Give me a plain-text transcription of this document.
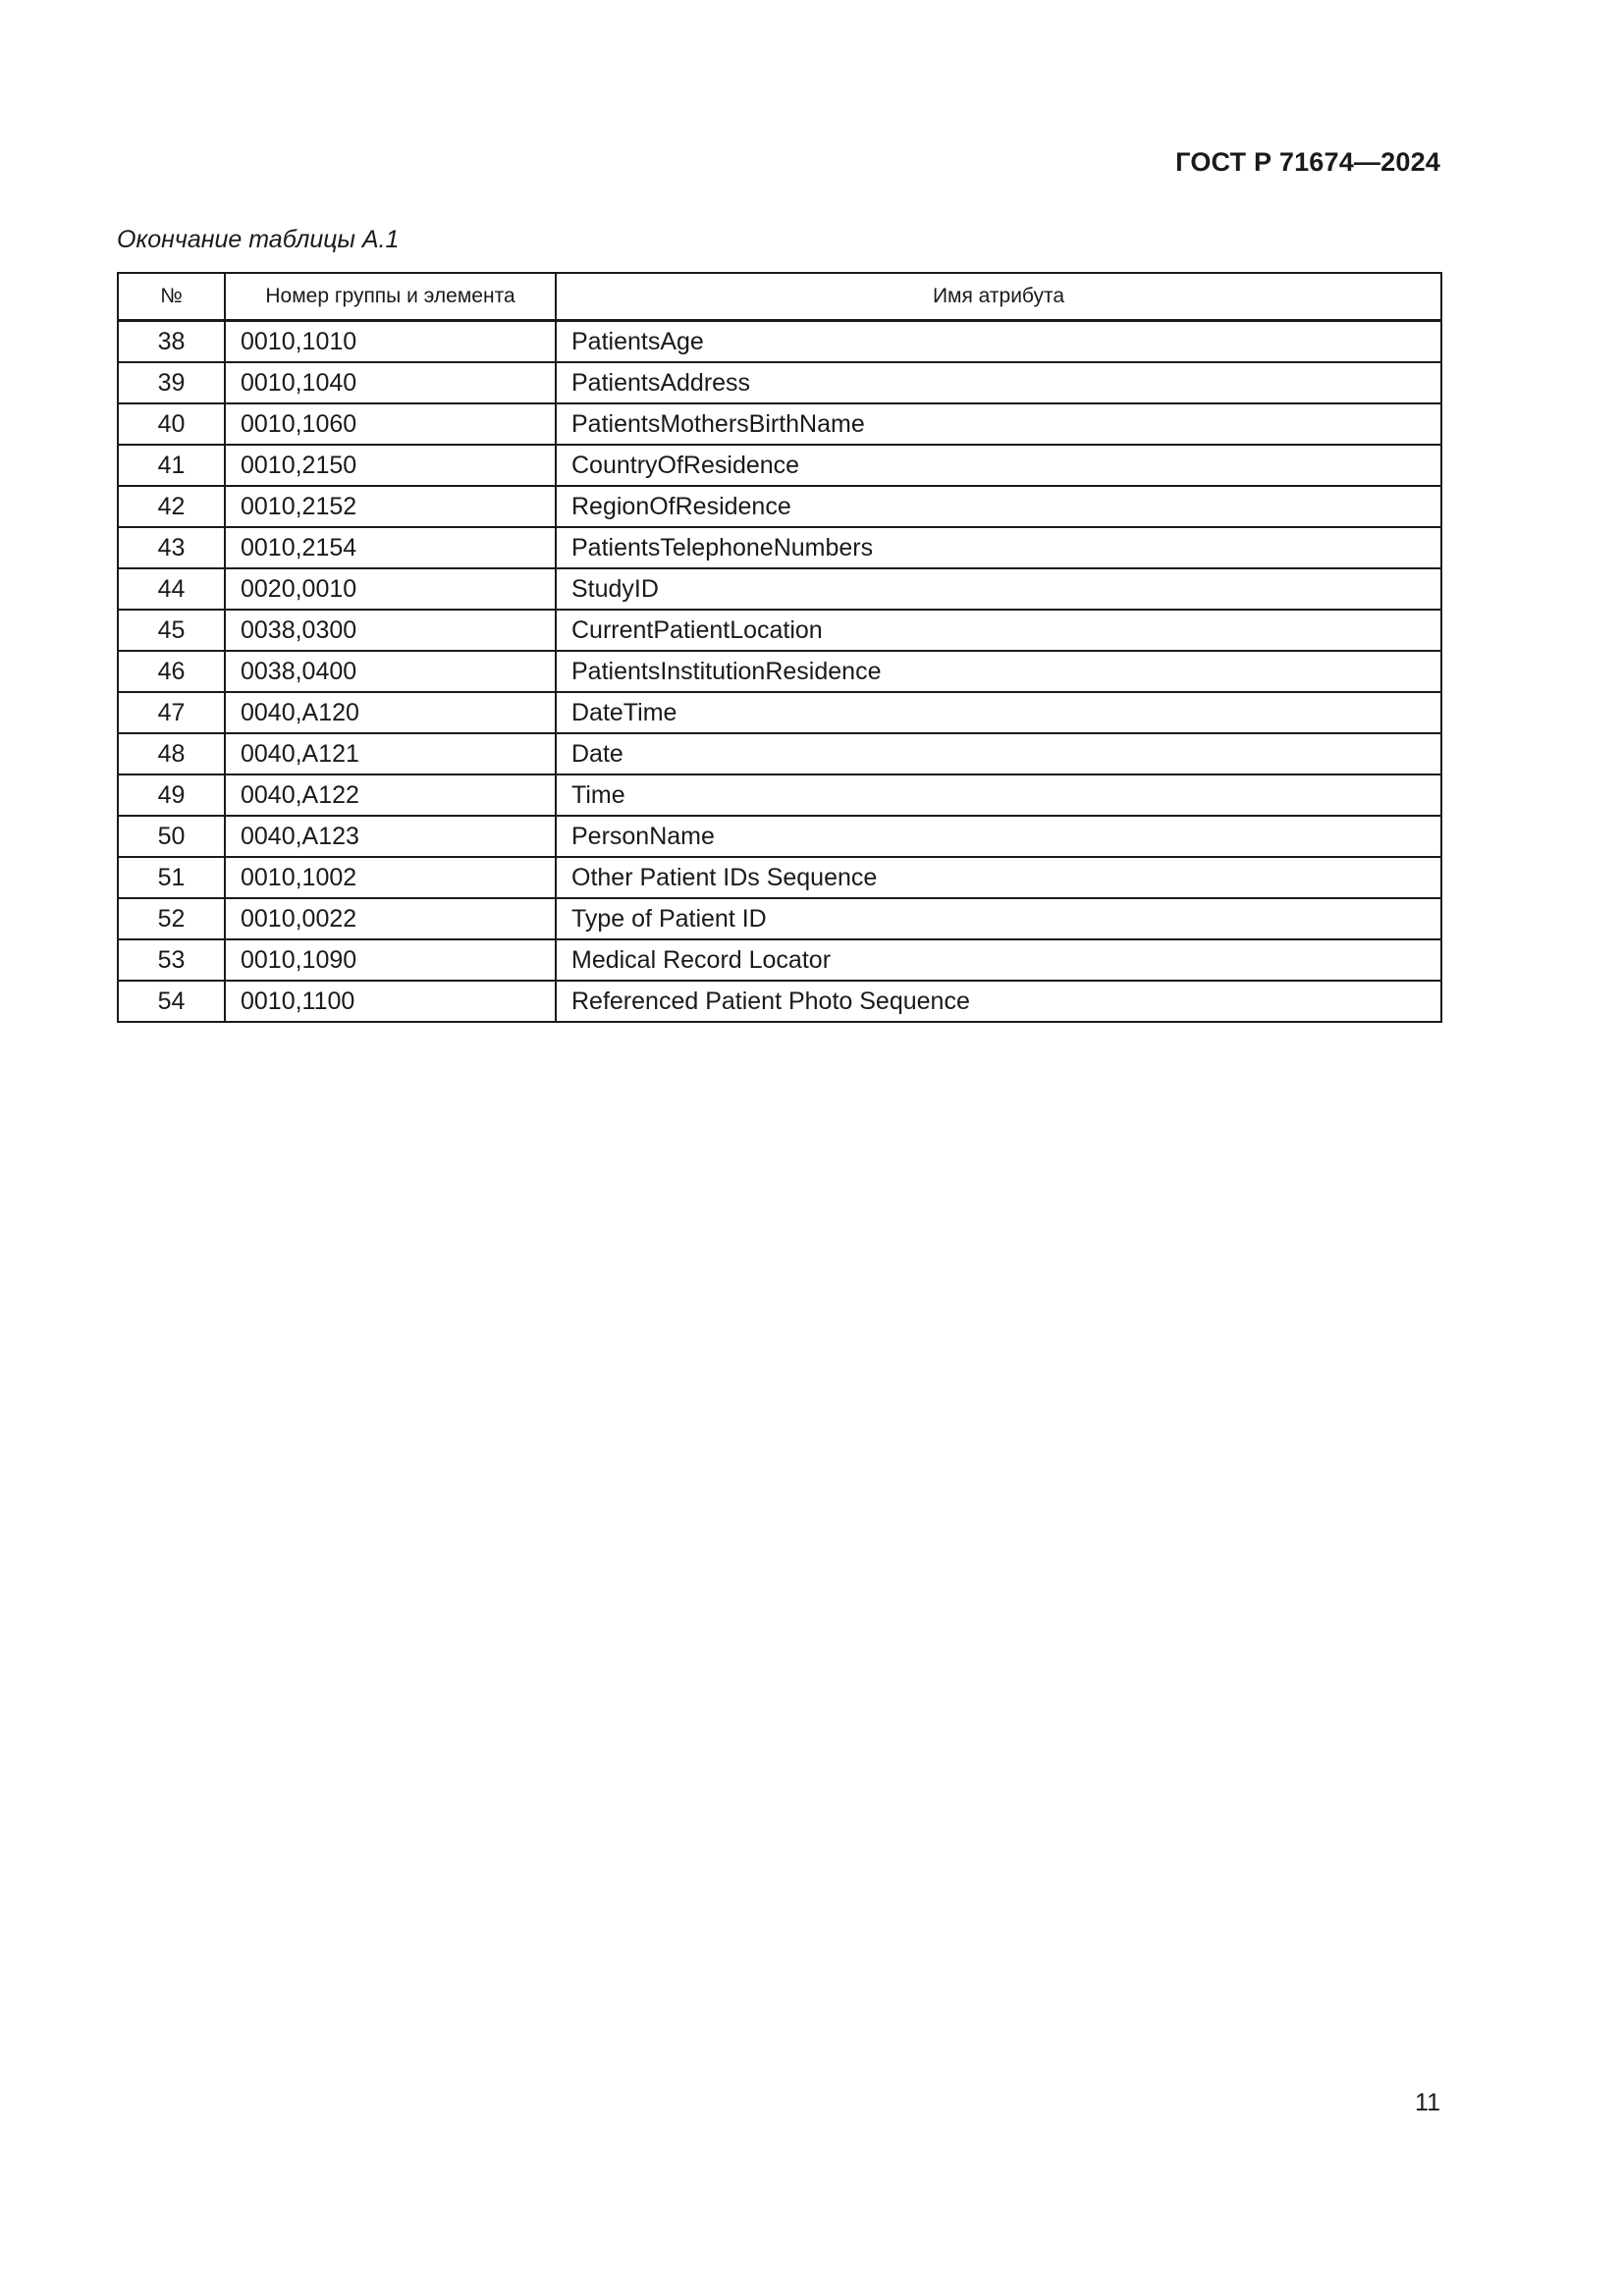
ГОСТ Р 71674—2024
Окончание таблицы А.1
№	Номер группы и элемента	Имя атрибута
38	0010,1010	PatientsAge
39	0010,1040	PatientsAddress
40	0010,1060	PatientsMothersBirthName
41	0010,2150	CountryOfResidence
42	0010,2152	RegionOfResidence
43	0010,2154	PatientsTelephoneNumbers
44	0020,0010	StudyID
45	0038,0300	CurrentPatientLocation
46	0038,0400	PatientsInstitutionResidence
47	0040,A120	DateTime
48	0040,A121	Date
49	0040,A122	Time
50	0040,A123	PersonName
51	0010,1002	Other Patient IDs Sequence
52	0010,0022	Type of Patient ID
53	0010,1090	Medical Record Locator
54	0010,1100	Referenced Patient Photo Sequence
11
